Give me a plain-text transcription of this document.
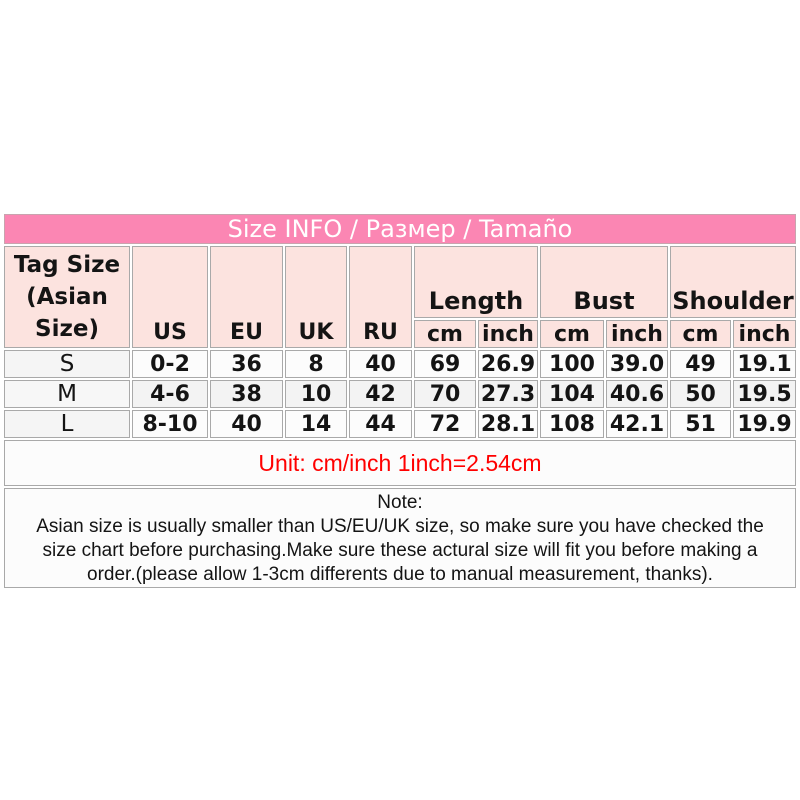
Size INFO / Размер / Tamaño										

Tag Size
(Asian
Size)	US	EU	UK	RU	Length		Bust		Shoulder	
					cm	inch	cm	inch	cm	inch
S	0-2	36	8	40	69	26.9	100	39.0	49	19.1
M	4-6	38	10	42	70	27.3	104	40.6	50	19.5
L	8-10	40	14	44	72	28.1	108	42.1	51	19.9
Unit: cm/inch 1inch=2.54cm										

Note:
Asian size is usually smaller than US/EU/UK size, so make sure you have checked the
size chart before purchasing.Make sure these actural size will fit you before making a
order.(please allow 1-3cm differents due to manual measurement, thanks).										
